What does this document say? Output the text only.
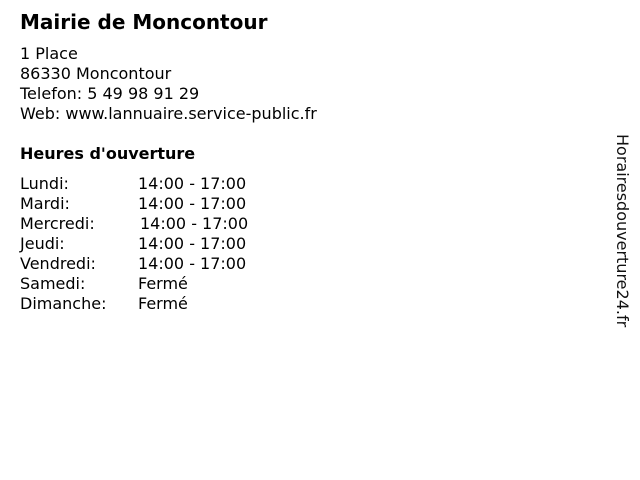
Mairie de Moncontour
1 Place
86330 Moncontour
Telefon: 5 49 98 91 29
Web: www.lannuaire.service-public.fr
Heures d'ouverture
Lundi:	14:00 - 17:00
Mardi:	14:00 - 17:00
Mercredi:	14:00 - 17:00
Jeudi:	14:00 - 17:00
Vendredi:	14:00 - 17:00
Samedi:	Fermé
Dimanche:	Fermé	Horairesdouverture24.fr
